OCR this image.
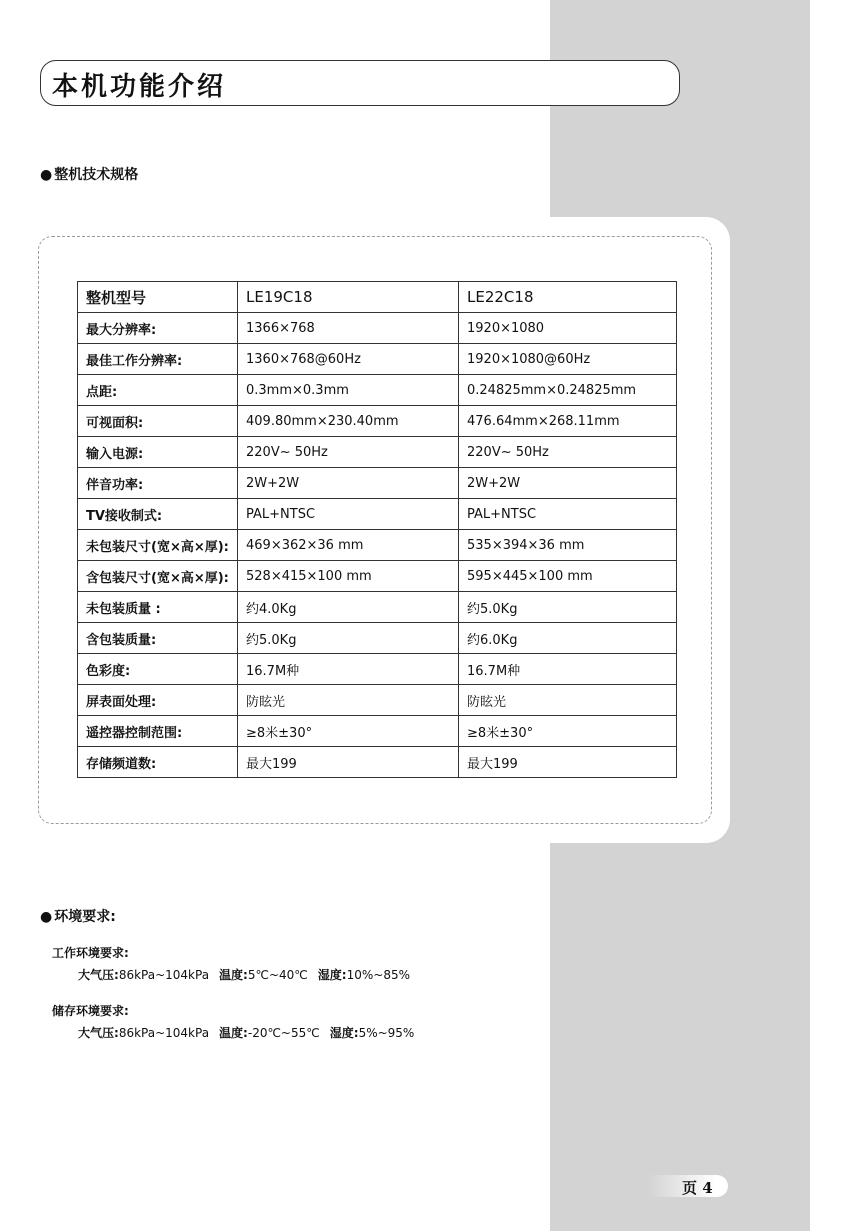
本机功能介绍
● 整机技术规格
整机型号	LE19C18	LE22C18
最大分辨率:	1366×768	1920×1080
最佳工作分辨率:	1360×768@60Hz	1920×1080@60Hz
点距:	0.3mm×0.3mm	0.24825mm×0.24825mm
可视面积:	409.80mm×230.40mm	476.64mm×268.11mm
输入电源:	220V~ 50Hz	220V~ 50Hz
伴音功率:	2W+2W	2W+2W
TV接收制式:	PAL+NTSC	PAL+NTSC
未包装尺寸(宽×高×厚):	469×362×36 mm	535×394×36 mm
含包装尺寸(宽×高×厚):	528×415×100 mm	595×445×100 mm
未包装质量 :	约4.0Kg	约5.0Kg
含包装质量:	约5.0Kg	约6.0Kg
色彩度:	16.7M种	16.7M种
屏表面处理:	防眩光	防眩光
遥控器控制范围:	≥8米±30°	≥8米±30°
存储频道数:	最大199	最大199
● 环境要求:
工作环境要求:
大气压:86kPa~104kPa 温度:5℃~40℃ 湿度:10%~85%
储存环境要求:
大气压:86kPa~104kPa 温度:-20℃~55℃ 湿度:5%~95%
页 4
